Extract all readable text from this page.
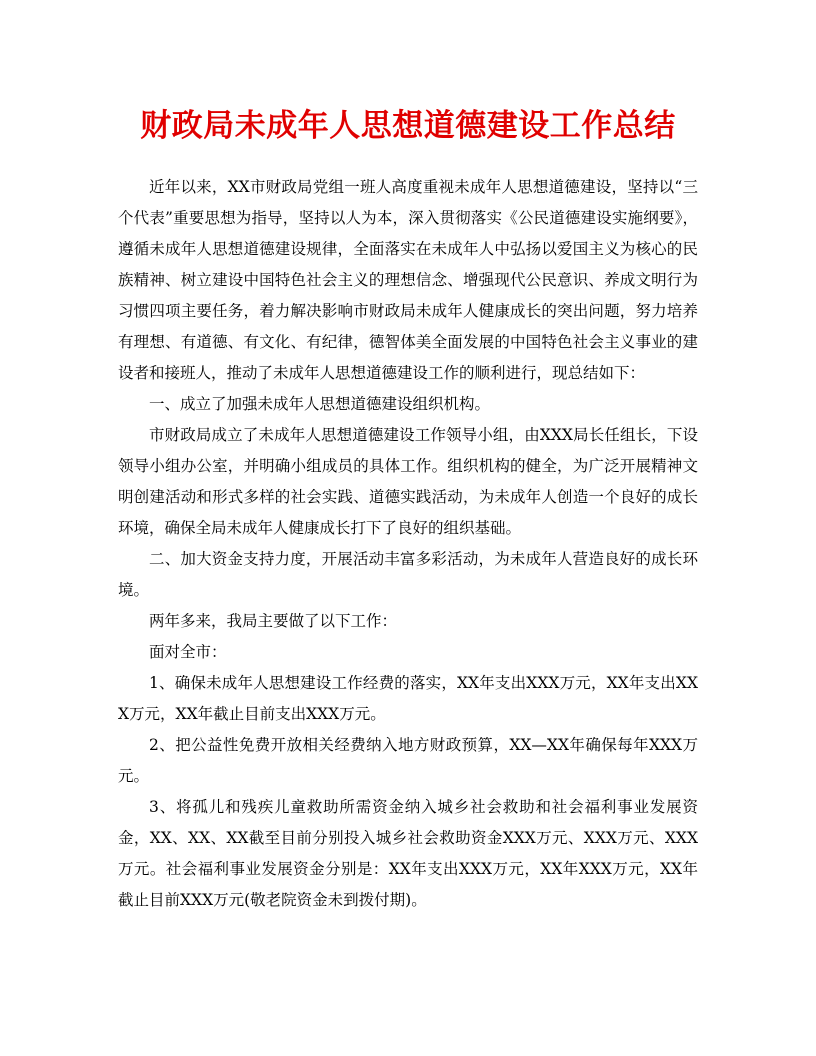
财政局未成年人思想道德建设工作总结

近年以来，XX市财政局党组一班人高度重视未成年人思想道德建设，坚持以“三个代表”重要思想为指导，坚持以人为本，深入贯彻落实《公民道德建设实施纲要》，遵循未成年人思想道德建设规律，全面落实在未成年人中弘扬以爱国主义为核心的民族精神、树立建设中国特色社会主义的理想信念、增强现代公民意识、养成文明行为习惯四项主要任务，着力解决影响市财政局未成年人健康成长的突出问题，努力培养有理想、有道德、有文化、有纪律，德智体美全面发展的中国特色社会主义事业的建设者和接班人，推动了未成年人思想道德建设工作的顺利进行，现总结如下：

一、成立了加强未成年人思想道德建设组织机构。

市财政局成立了未成年人思想道德建设工作领导小组，由XXX局长任组长，下设领导小组办公室，并明确小组成员的具体工作。组织机构的健全，为广泛开展精神文明创建活动和形式多样的社会实践、道德实践活动，为未成年人创造一个良好的成长环境，确保全局未成年人健康成长打下了良好的组织基础。

二、加大资金支持力度，开展活动丰富多彩活动，为未成年人营造良好的成长环境。

两年多来，我局主要做了以下工作：

面对全市：

1、确保未成年人思想建设工作经费的落实，XX年支出XXX万元，XX年支出XXX万元，XX年截止目前支出XXX万元。

2、把公益性免费开放相关经费纳入地方财政预算，XX—XX年确保每年XXX万元。

3、将孤儿和残疾儿童救助所需资金纳入城乡社会救助和社会福利事业发展资金，XX、XX、XX截至目前分别投入城乡社会救助资金XXX万元、XXX万元、XXX万元。社会福利事业发展资金分别是：XX年支出XXX万元，XX年XXX万元，XX年截止目前XXX万元(敬老院资金未到拨付期)。
